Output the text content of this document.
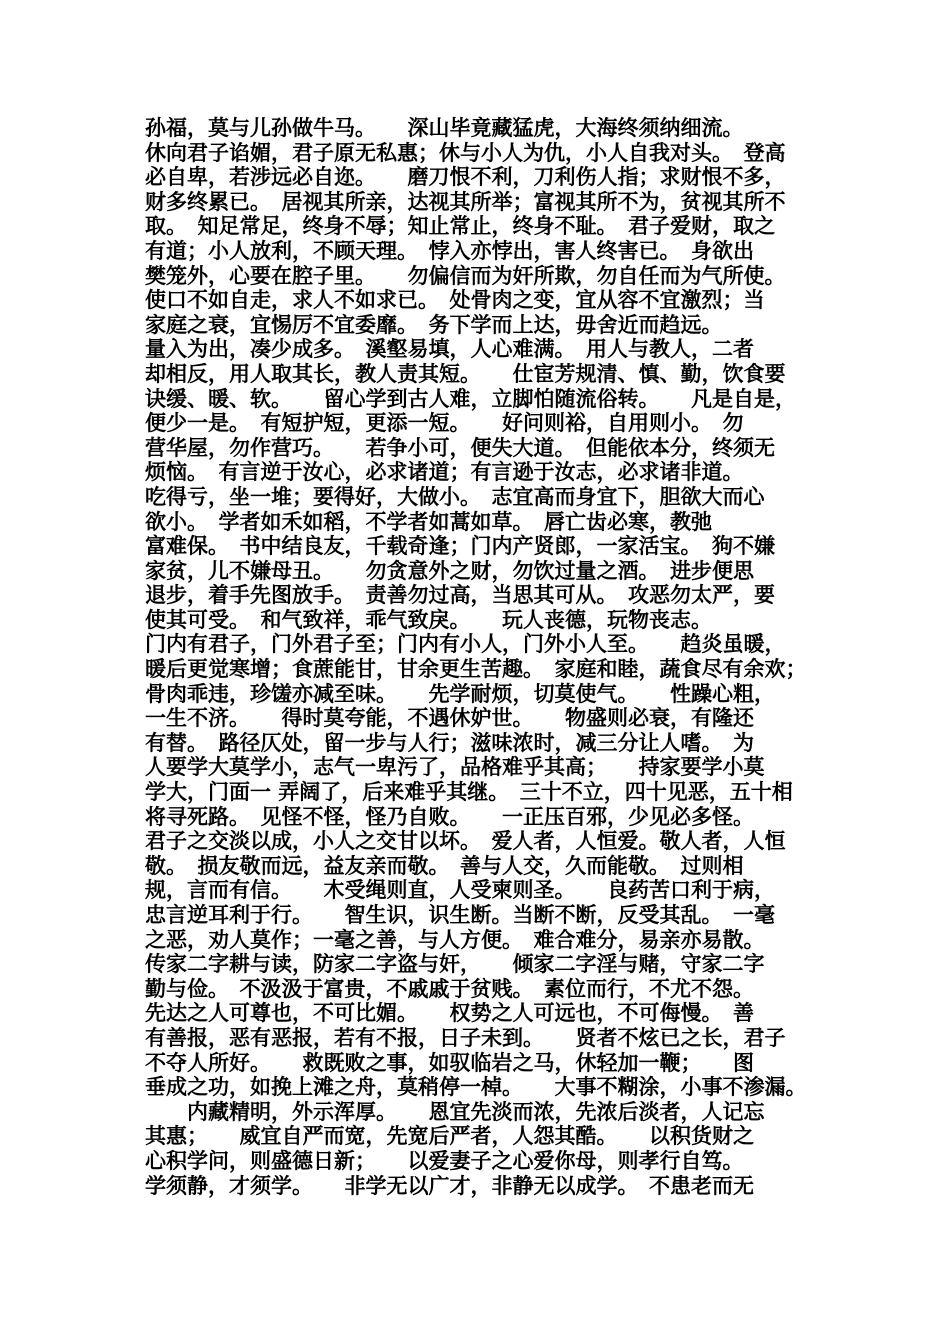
孙福，莫与儿孙做牛马。　　深山毕竟藏猛虎，大海终须纳细流。
休向君子谄媚，君子原无私惠；休与小人为仇，小人自我对头。　登高
必自卑，若涉远必自迩。　　磨刀恨不利，刀利伤人指；求财恨不多，
财多终累已。　居视其所亲，达视其所举；富视其所不为，贫视其所不
取。　知足常足，终身不辱；知止常止，终身不耻。　君子爱财，取之
有道；小人放利，不顾天理。　悖入亦悖出，害人终害已。　身欲出
樊笼外，心要在腔子里。　　勿偏信而为奸所欺，勿自任而为气所使。
使口不如自走，求人不如求已。　处骨肉之变，宜从容不宜激烈；当
家庭之衰，宜惕厉不宜委靡。　务下学而上达，毋舍近而趋远。
量入为出，凑少成多。　溪壑易填，人心难满。　用人与教人，二者
却相反，用人取其长，教人责其短。　　仕宦芳规清、慎、勤，饮食要
诀缓、暖、软。　　留心学到古人难，立脚怕随流俗转。　　凡是自是，
便少一是。　有短护短，更添一短。　　好问则裕，自用则小。　勿
营华屋，勿作营巧。　　若争小可，便失大道。　但能依本分，终须无
烦恼。　有言逆于汝心，必求诸道；有言逊于汝志，必求诸非道。
吃得亏，坐一堆；要得好，大做小。　志宜高而身宜下，胆欲大而心
欲小。　学者如禾如稻，不学者如蒿如草。　唇亡齿必寒，教弛
富难保。　书中结良友，千载奇逢；门内产贤郎，一家活宝。　狗不嫌
家贫，儿不嫌母丑。　　勿贪意外之财，勿饮过量之酒。　进步便思
退步，着手先图放手。　责善勿过高，当思其可从。　攻恶勿太严，要
使其可受。　和气致祥，乖气致戾。　　玩人丧德，玩物丧志。
门内有君子，门外君子至；门内有小人，门外小人至。　　趋炎虽暖，
暖后更觉寒增；食蔗能甘，甘余更生苦趣。　家庭和睦，蔬食尽有余欢；
骨肉乖违，珍馐亦减至味。　　先学耐烦，切莫使气。　　性躁心粗，
一生不济。　　得时莫夸能，不遇休妒世。　　物盛则必衰，有隆还
有替。　路径仄处，留一步与人行；滋味浓时，减三分让人嗜。　为
人要学大莫学小，志气一卑污了，品格难乎其高；　　持家要学小莫
学大，门面一 弄阔了，后来难乎其继。　三十不立，四十见恶，五十相
将寻死路。　见怪不怪，怪乃自败。　　一正压百邪，少见必多怪。
君子之交淡以成，小人之交甘以坏。　爱人者，人恒爱。敬人者，人恒
敬。　损友敬而远，益友亲而敬。　善与人交，久而能敬。　过则相
规，言而有信。　　木受绳则直，人受柬则圣。　　良药苦口利于病，
忠言逆耳利于行。　　智生识，识生断。当断不断，反受其乱。　一毫
之恶，劝人莫作；一毫之善，与人方便。　难合难分，易亲亦易散。
传家二字耕与读，防家二字盗与奸，　　倾家二字淫与赌，守家二字
勤与俭。　不汲汲于富贵，不戚戚于贫贱。　素位而行，不尤不怨。
先达之人可尊也，不可比媚。　　权势之人可远也，不可侮慢。　善
有善报，恶有恶报，若有不报，日子未到。　　贤者不炫已之长，君子
不夺人所好。　　救既败之事，如驭临岩之马，休轻加一鞭；　　图
垂成之功，如挽上滩之舟，莫稍停一棹。　　大事不糊涂，小事不渗漏。
　　内藏精明，外示浑厚。　　恩宜先淡而浓，先浓后淡者，人记忘
其惠；　　威宜自严而宽，先宽后严者，人怨其酷。　　以积货财之
心积学问，则盛德日新；　　以爱妻子之心爱你母，则孝行自笃。
学须静，才须学。　　非学无以广才，非静无以成学。　不患老而无
